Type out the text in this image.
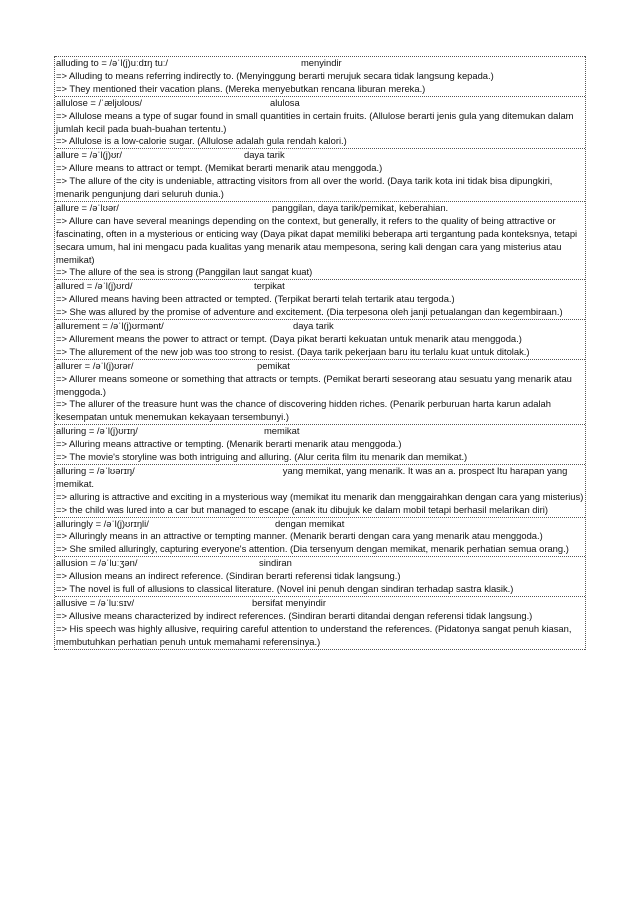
alluding to = /əˈl(j)uːdɪŋ tuː/	menyindir
=> Alluding to means referring indirectly to. (Menyinggung berarti merujuk secara tidak langsung kepada.)
=> They mentioned their vacation plans. (Mereka menyebutkan rencana liburan mereka.)
allulose = /ˈæljʊloʊs/	alulosa
=> Allulose means a type of sugar found in small quantities in certain fruits. (Allulose berarti jenis gula yang ditemukan dalam jumlah kecil pada buah-buahan tertentu.)
=> Allulose is a low-calorie sugar. (Allulose adalah gula rendah kalori.)
allure = /əˈl(j)ʊr/	daya tarik
=> Allure means to attract or tempt. (Memikat berarti menarik atau menggoda.)
=> The allure of the city is undeniable, attracting visitors from all over the world. (Daya tarik kota ini tidak bisa dipungkiri, menarik pengunjung dari seluruh dunia.)
allure = /əˈlʊər/	panggilan, daya tarik/pemikat, keberahian.
=> Allure can have several meanings depending on the context, but generally, it refers to the quality of being attractive or fascinating, often in a mysterious or enticing way (Daya pikat dapat memiliki beberapa arti tergantung pada konteksnya, tetapi secara umum, hal ini mengacu pada kualitas yang menarik atau mempesona, sering kali dengan cara yang misterius atau memikat)
=> The allure of the sea is strong (Panggilan laut sangat kuat)
allured = /əˈl(j)ʊrd/	terpikat
=> Allured means having been attracted or tempted. (Terpikat berarti telah tertarik atau tergoda.)
=> She was allured by the promise of adventure and excitement. (Dia terpesona oleh janji petualangan dan kegembiraan.)
allurement = /əˈl(j)ʊrmənt/	daya tarik
=> Allurement means the power to attract or tempt. (Daya pikat berarti kekuatan untuk menarik atau menggoda.)
=> The allurement of the new job was too strong to resist. (Daya tarik pekerjaan baru itu terlalu kuat untuk ditolak.)
allurer = /əˈl(j)ʊrər/	pemikat
=> Allurer means someone or something that attracts or tempts. (Pemikat berarti seseorang atau sesuatu yang menarik atau menggoda.)
=> The allurer of the treasure hunt was the chance of discovering hidden riches. (Penarik perburuan harta karun adalah kesempatan untuk menemukan kekayaan tersembunyi.)
alluring = /əˈl(j)ʊrɪŋ/	memikat
=> Alluring means attractive or tempting. (Menarik berarti menarik atau menggoda.)
=> The movie's storyline was both intriguing and alluring. (Alur cerita film itu menarik dan memikat.)
alluring = /əˈlʊərɪŋ/	yang memikat, yang menarik. It was an a. prospect Itu harapan yang memikat.
=> alluring is attractive and exciting in a mysterious way (memikat itu menarik dan menggairahkan dengan cara yang misterius)
=> the child was lured into a car but managed to escape (anak itu dibujuk ke dalam mobil tetapi berhasil melarikan diri)
alluringly = /əˈl(j)ʊrɪŋli/	dengan memikat
=> Alluringly means in an attractive or tempting manner. (Menarik berarti dengan cara yang menarik atau menggoda.)
=> She smiled alluringly, capturing everyone's attention. (Dia tersenyum dengan memikat, menarik perhatian semua orang.)
allusion = /əˈluːʒən/	sindiran
=> Allusion means an indirect reference. (Sindiran berarti referensi tidak langsung.)
=> The novel is full of allusions to classical literature. (Novel ini penuh dengan sindiran terhadap sastra klasik.)
allusive = /əˈluːsɪv/	bersifat menyindir
=> Allusive means characterized by indirect references. (Sindiran berarti ditandai dengan referensi tidak langsung.)
=> His speech was highly allusive, requiring careful attention to understand the references. (Pidatonya sangat penuh kiasan, membutuhkan perhatian penuh untuk memahami referensinya.)
